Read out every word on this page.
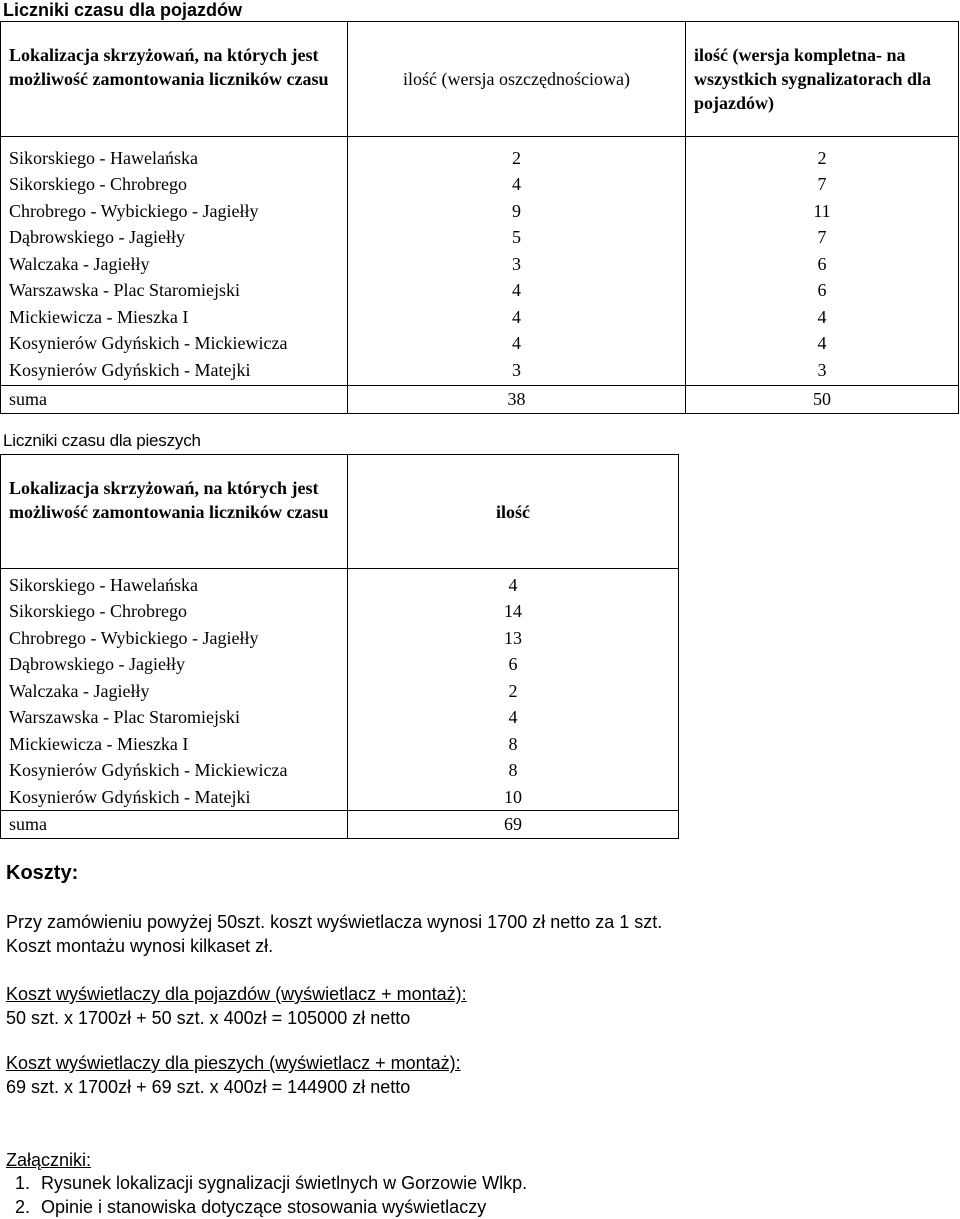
Liczniki czasu dla pojazdów
Lokalizacja skrzyżowań, na których jest możliwość zamontowania liczników czasu	ilość (wersja oszczędnościowa)	ilość (wersja kompletna- na wszystkich sygnalizatorach dla pojazdów)

Sikorskiego - Hawelańska	2	2
Sikorskiego - Chrobrego	4	7
Chrobrego - Wybickiego - Jagiełły	9	11
Dąbrowskiego - Jagiełły	5	7
Walczaka - Jagiełły	3	6
Warszawska - Plac Staromiejski	4	6
Mickiewicza - Mieszka I	4	4
Kosynierów Gdyńskich - Mickiewicza	4	4
Kosynierów Gdyńskich - Matejki	3	3
suma	38	50
Liczniki czasu dla pieszych
Lokalizacja skrzyżowań, na których jest możliwość zamontowania liczników czasu	ilość

Sikorskiego - Hawelańska	4
Sikorskiego - Chrobrego	14
Chrobrego - Wybickiego - Jagiełły	13
Dąbrowskiego - Jagiełły	6
Walczaka - Jagiełły	2
Warszawska - Plac Staromiejski	4
Mickiewicza - Mieszka I	8
Kosynierów Gdyńskich - Mickiewicza	8
Kosynierów Gdyńskich - Matejki	10
suma	69
Koszty:
Przy zamówieniu powyżej 50szt. koszt wyświetlacza wynosi 1700 zł netto za 1 szt.
Koszt montażu wynosi kilkaset zł.
Koszt wyświetlaczy dla pojazdów (wyświetlacz + montaż):
50 szt. x 1700zł + 50 szt. x 400zł = 105000 zł netto
Koszt wyświetlaczy dla pieszych (wyświetlacz + montaż):
69 szt. x 1700zł + 69 szt. x 400zł = 144900 zł netto
Załączniki:
1. Rysunek lokalizacji sygnalizacji świetlnych w Gorzowie Wlkp.
2. Opinie i stanowiska dotyczące stosowania wyświetlaczy
